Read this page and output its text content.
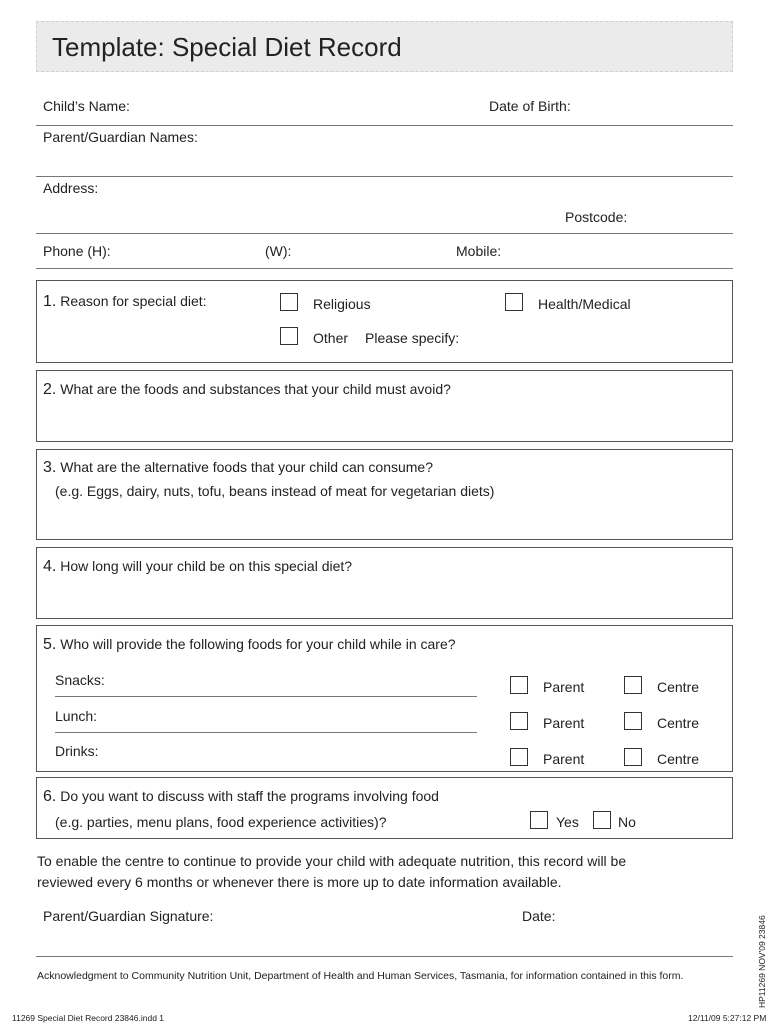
Template: Special Diet Record
Child’s Name:	Date of Birth:
Parent/Guardian Names:
Address:
Postcode:
Phone (H):	(W):	Mobile:
1. Reason for special diet:	Religious	Health/Medical
Other Please specify:
2. What are the foods and substances that your child must avoid?
3. What are the alternative foods that your child can consume?
(e.g. Eggs, dairy, nuts, tofu, beans instead of meat for vegetarian diets)
4. How long will your child be on this special diet?
5. Who will provide the following foods for your child while in care?
Snacks:	Parent	Centre
Lunch:	Parent	Centre
Drinks:	Parent	Centre
6. Do you want to discuss with staff the programs involving food
(e.g. parties, menu plans, food experience activities)?	Yes	No
To enable the centre to continue to provide your child with adequate nutrition, this record will be
reviewed every 6 months or whenever there is more up to date information available.
Parent/Guardian Signature:	Date:
Acknowledgment to Community Nutrition Unit, Department of Health and Human Services, Tasmania, for information contained in this form.	HP11269 NOV'09 23846
11269 Special Diet Record 23846.indd 1	12/11/09 5:27:12 PM
